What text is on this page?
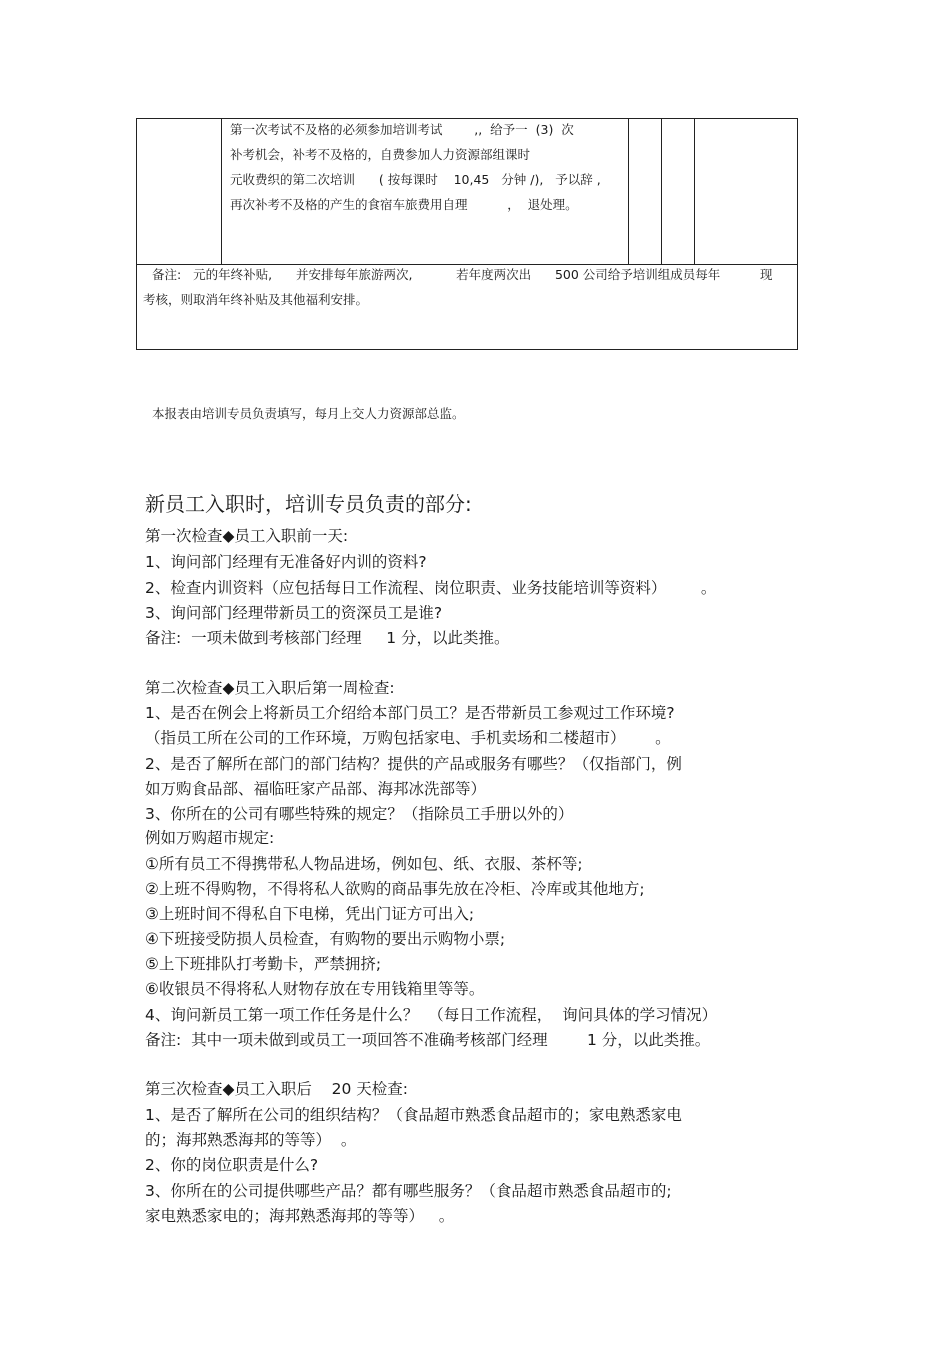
第一次考试不及格的必须参加培训考试        ,,  给予一  (3)  次
补考机会，补考不及格的，自费参加人力资源部组课时
元收费织的第二次培训      ( 按每课时    10,45   分钟 /),   予以辞 ,
再次补考不及格的产生的食宿车旅费用自理          ，  退处理。
备注:   元的年终补贴,      并安排每年旅游两次,           若年度两次出      500 公司给予培训组成员每年          现
考核，则取消年终补贴及其他福利安排。
本报表由培训专员负责填写，每月上交人力资源部总监。
新员工入职时，培训专员负责的部分:
第一次检查◆员工入职前一天:
1、询问部门经理有无准备好内训的资料?
2、检查内训资料（应包括每日工作流程、岗位职责、业务技能培训等资料）       。
3、询问部门经理带新员工的资深员工是谁?
备注:  一项未做到考核部门经理     1 分，以此类推。
第二次检查◆员工入职后第一周检查:
1、是否在例会上将新员工介绍给本部门员工？是否带新员工参观过工作环境?
（指员工所在公司的工作环境，万购包括家电、手机卖场和二楼超市）      。
2、是否了解所在部门的部门结构？提供的产品或服务有哪些？（仅指部门，例
如万购食品部、福临旺家产品部、海邦冰洗部等）
3、你所在的公司有哪些特殊的规定？（指除员工手册以外的）
例如万购超市规定:
①所有员工不得携带私人物品进场，例如包、纸、衣服、茶杯等;
②上班不得购物，不得将私人欲购的商品事先放在冷柜、冷库或其他地方;
③上班时间不得私自下电梯，凭出门证方可出入;
④下班接受防损人员检查，有购物的要出示购物小票;
⑤上下班排队打考勤卡，严禁拥挤;
⑥收银员不得将私人财物存放在专用钱箱里等等。
4、询问新员工第一项工作任务是什么？  （每日工作流程，  询问具体的学习情况）
备注:  其中一项未做到或员工一项回答不准确考核部门经理        1 分，以此类推。
第三次检查◆员工入职后    20 天检查:
1、是否了解所在公司的组织结构？（食品超市熟悉食品超市的；家电熟悉家电
的；海邦熟悉海邦的等等）  。
2、你的岗位职责是什么?
3、你所在的公司提供哪些产品？都有哪些服务？（食品超市熟悉食品超市的;
家电熟悉家电的；海邦熟悉海邦的等等）   。
